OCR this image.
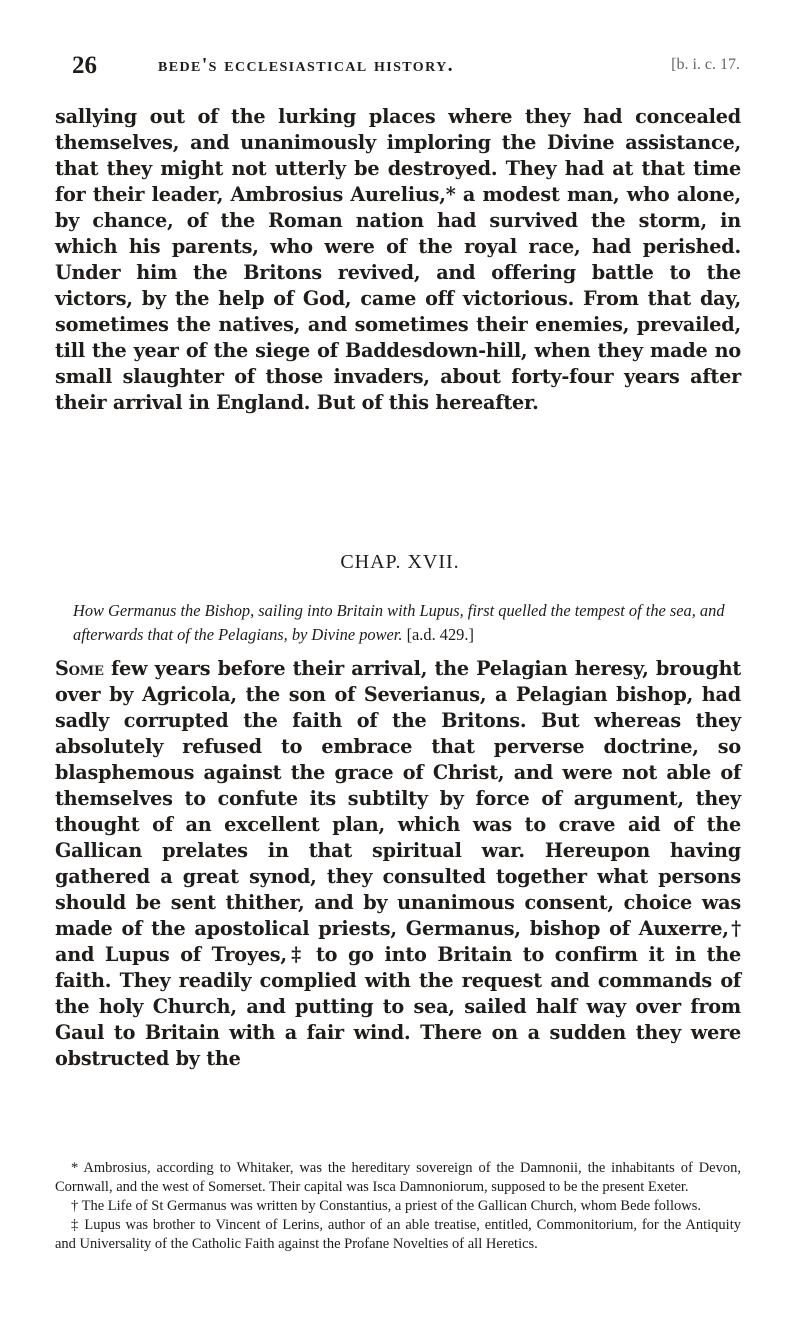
26	bede's ecclesiastical history.	[b. i. c. 17.
sallying out of the lurking places where they had concealed themselves, and unanimously imploring the Divine assistance, that they might not utterly be destroyed. They had at that time for their leader, Ambrosius Aurelius,* a modest man, who alone, by chance, of the Roman nation had survived the storm, in which his parents, who were of the royal race, had perished. Under him the Britons revived, and offering battle to the victors, by the help of God, came off victorious. From that day, sometimes the natives, and sometimes their enemies, prevailed, till the year of the siege of Baddesdown-hill, when they made no small slaughter of those invaders, about forty-four years after their arrival in England. But of this hereafter.
CHAP. XVII.
How Germanus the Bishop, sailing into Britain with Lupus, first quelled the tempest of the sea, and afterwards that of the Pelagians, by Divine power. [a.d. 429.]
Some few years before their arrival, the Pelagian heresy, brought over by Agricola, the son of Severianus, a Pelagian bishop, had sadly corrupted the faith of the Britons. But whereas they absolutely refused to embrace that perverse doctrine, so blasphemous against the grace of Christ, and were not able of themselves to confute its subtilty by force of argument, they thought of an excellent plan, which was to crave aid of the Gallican prelates in that spiritual war. Hereupon having gathered a great synod, they consulted together what persons should be sent thither, and by unanimous consent, choice was made of the apostolical priests, Germanus, bishop of Auxerre,† and Lupus of Troyes,‡ to go into Britain to confirm it in the faith. They readily complied with the request and commands of the holy Church, and putting to sea, sailed half way over from Gaul to Britain with a fair wind. There on a sudden they were obstructed by the
* Ambrosius, according to Whitaker, was the hereditary sovereign of the Damnonii, the inhabitants of Devon, Cornwall, and the west of Somerset. Their capital was Isca Damnoniorum, supposed to be the present Exeter.
† The Life of St Germanus was written by Constantius, a priest of the Gallican Church, whom Bede follows.
‡ Lupus was brother to Vincent of Lerins, author of an able treatise, entitled, Commonitorium, for the Antiquity and Universality of the Catholic Faith against the Profane Novelties of all Heretics.
